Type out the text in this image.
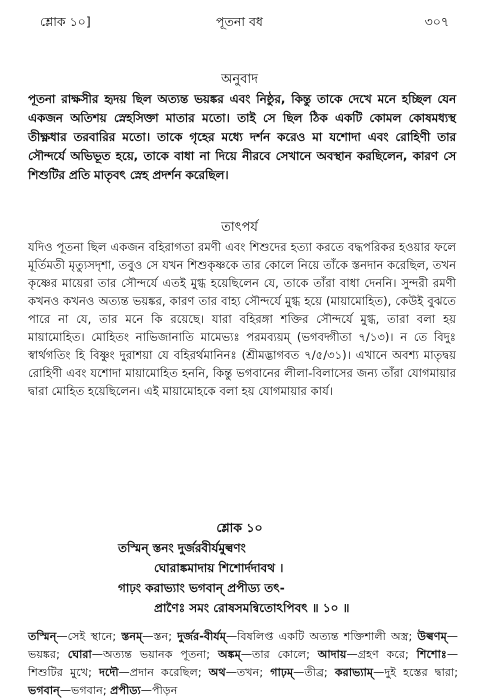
শ্লোক ১০]	পূতনা বধ	৩০৭
অনুবাদ
পূতনা রাক্ষসীর হৃদয় ছিল অত্যন্ত ভয়ঙ্কর এবং নিষ্ঠুর, কিন্তু তাকে দেখে মনে হচ্ছিল যেন একজন অতিশয় স্নেহসিক্তা মাতার মতো। তাই সে ছিল ঠিক একটি কোমল কোষমধ্যস্থ তীক্ষ্ণধার তরবারির মতো। তাকে গৃহের মধ্যে দর্শন করেও মা যশোদা এবং রোহিণী তার সৌন্দর্যে অভিভূত হয়ে, তাকে বাধা না দিয়ে নীরবে সেখানে অবস্থান করছিলেন, কারণ সে শিশুটির প্রতি মাতৃবৎ স্নেহ প্রদর্শন করেছিল।
তাৎপর্য
যদিও পূতনা ছিল একজন বহিরাগতা রমণী এবং শিশুদের হত্যা করতে বদ্ধপরিকর হওয়ার ফলে মূর্তিমতী মৃত্যুসদৃশা, তবুও সে যখন শিশুকৃষ্ণকে তার কোলে নিয়ে তাঁকে স্তনদান করেছিল, তখন কৃষ্ণের মায়েরা তার সৌন্দর্যে এতই মুগ্ধ হয়েছিলেন যে, তাকে তাঁরা বাধা দেননি। সুন্দরী রমণী কখনও কখনও অত্যন্ত ভয়ঙ্কর, কারণ তার বাহ্য সৌন্দর্যে মুগ্ধ হয়ে (মায়ামোহিত), কেউই বুঝতে পারে না যে, তার মনে কি রয়েছে। যারা বহিরঙ্গা শক্তির সৌন্দর্যে মুগ্ধ, তারা বলা হয় মায়ামোহিত। মোহিতং নাভিজানাতি মামেভ্যঃ পরমব্যয়ম্ (ভগবদ্গীতা ৭/১৩)। ন তে বিদুঃ স্বার্থগতিং হি বিষ্ণুং দুরাশয়া যে বহিরর্থমানিনঃ (শ্রীমদ্ভাগবত ৭/৫/৩১)। এখানে অবশ্য মাতৃদ্বয় রোহিণী এবং যশোদা মায়ামোহিত হননি, কিন্তু ভগবানের লীলা-বিলাসের জন্য তাঁরা যোগমায়ার দ্বারা মোহিত হয়েছিলেন। এই মায়ামোহকে বলা হয় যোগমায়ার কার্য।
শ্লোক ১০
তস্মিন্ স্তনং দুর্জরবীর্যমুল্বণং
ঘোরাঙ্কমাদায় শিশোর্দদাবথ ।
গাঢ়ং করাভ্যাং ভগবান্ প্রপীড্য তৎ-
প্রাণৈঃ সমং রোষসমন্বিতোঽপিবৎ ॥ ১০ ॥
তস্মিন্—সেই স্থানে; স্তনম্—স্তন; দুর্জর-বীর্যম্—বিষলিপ্ত একটি অত্যন্ত শক্তিশালী অস্ত্র; উল্বণম্—ভয়ঙ্কর; ঘোরা—অত্যন্ত ভয়ানক পূতনা; অঙ্কম্—তার কোলে; আদায়—গ্রহণ করে; শিশোঃ—শিশুটির মুখে; দদৌ—প্রদান করেছিল; অথ—তখন; গাঢ়ম্—তীব্র; করাভ্যাম্—দুই হস্তের দ্বারা; ভগবান্—ভগবান; প্রপীড্য—পীড়ন
